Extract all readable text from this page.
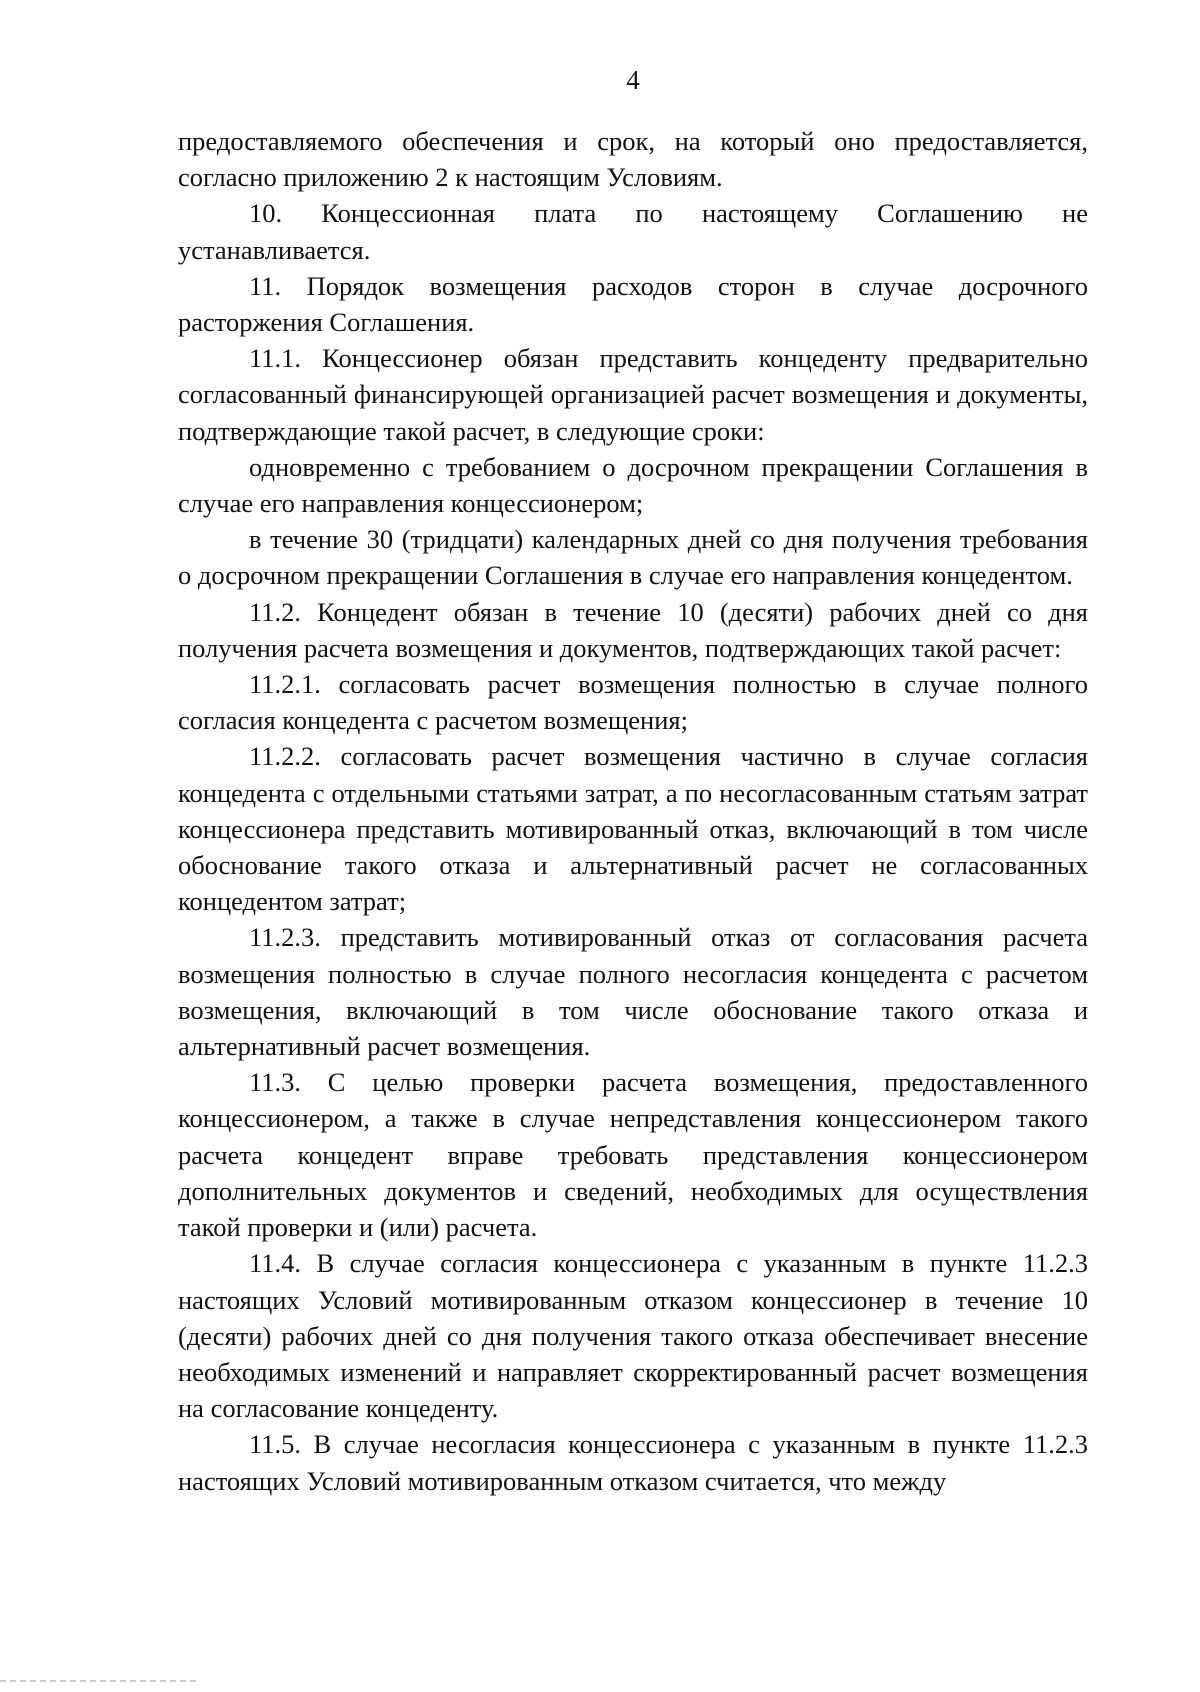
4

предоставляемого обеспечения и срок, на который оно предоставляется, согласно приложению 2 к настоящим Условиям.

10. Концессионная плата по настоящему Соглашению не устанавливается.

11. Порядок возмещения расходов сторон в случае досрочного расторжения Соглашения.

11.1. Концессионер обязан представить концеденту предварительно согласованный финансирующей организацией расчет возмещения и документы, подтверждающие такой расчет, в следующие сроки:

одновременно с требованием о досрочном прекращении Соглашения в случае его направления концессионером;

в течение 30 (тридцати) календарных дней со дня получения требования о досрочном прекращении Соглашения в случае его направления концедентом.

11.2. Концедент обязан в течение 10 (десяти) рабочих дней со дня получения расчета возмещения и документов, подтверждающих такой расчет:

11.2.1. согласовать расчет возмещения полностью в случае полного согласия концедента с расчетом возмещения;

11.2.2. согласовать расчет возмещения частично в случае согласия концедента с отдельными статьями затрат, а по несогласованным статьям затрат концессионера представить мотивированный отказ, включающий в том числе обоснование такого отказа и альтернативный расчет не согласованных концедентом затрат;

11.2.3. представить мотивированный отказ от согласования расчета возмещения полностью в случае полного несогласия концедента с расчетом возмещения, включающий в том числе обоснование такого отказа и альтернативный расчет возмещения.

11.3. С целью проверки расчета возмещения, предоставленного концессионером, а также в случае непредставления концессионером такого расчета концедент вправе требовать представления концессионером дополнительных документов и сведений, необходимых для осуществления такой проверки и (или) расчета.

11.4. В случае согласия концессионера с указанным в пункте 11.2.3 настоящих Условий мотивированным отказом концессионер в течение 10 (десяти) рабочих дней со дня получения такого отказа обеспечивает внесение необходимых изменений и направляет скорректированный расчет возмещения на согласование концеденту.

11.5. В случае несогласия концессионера с указанным в пункте 11.2.3 настоящих Условий мотивированным отказом считается, что между
